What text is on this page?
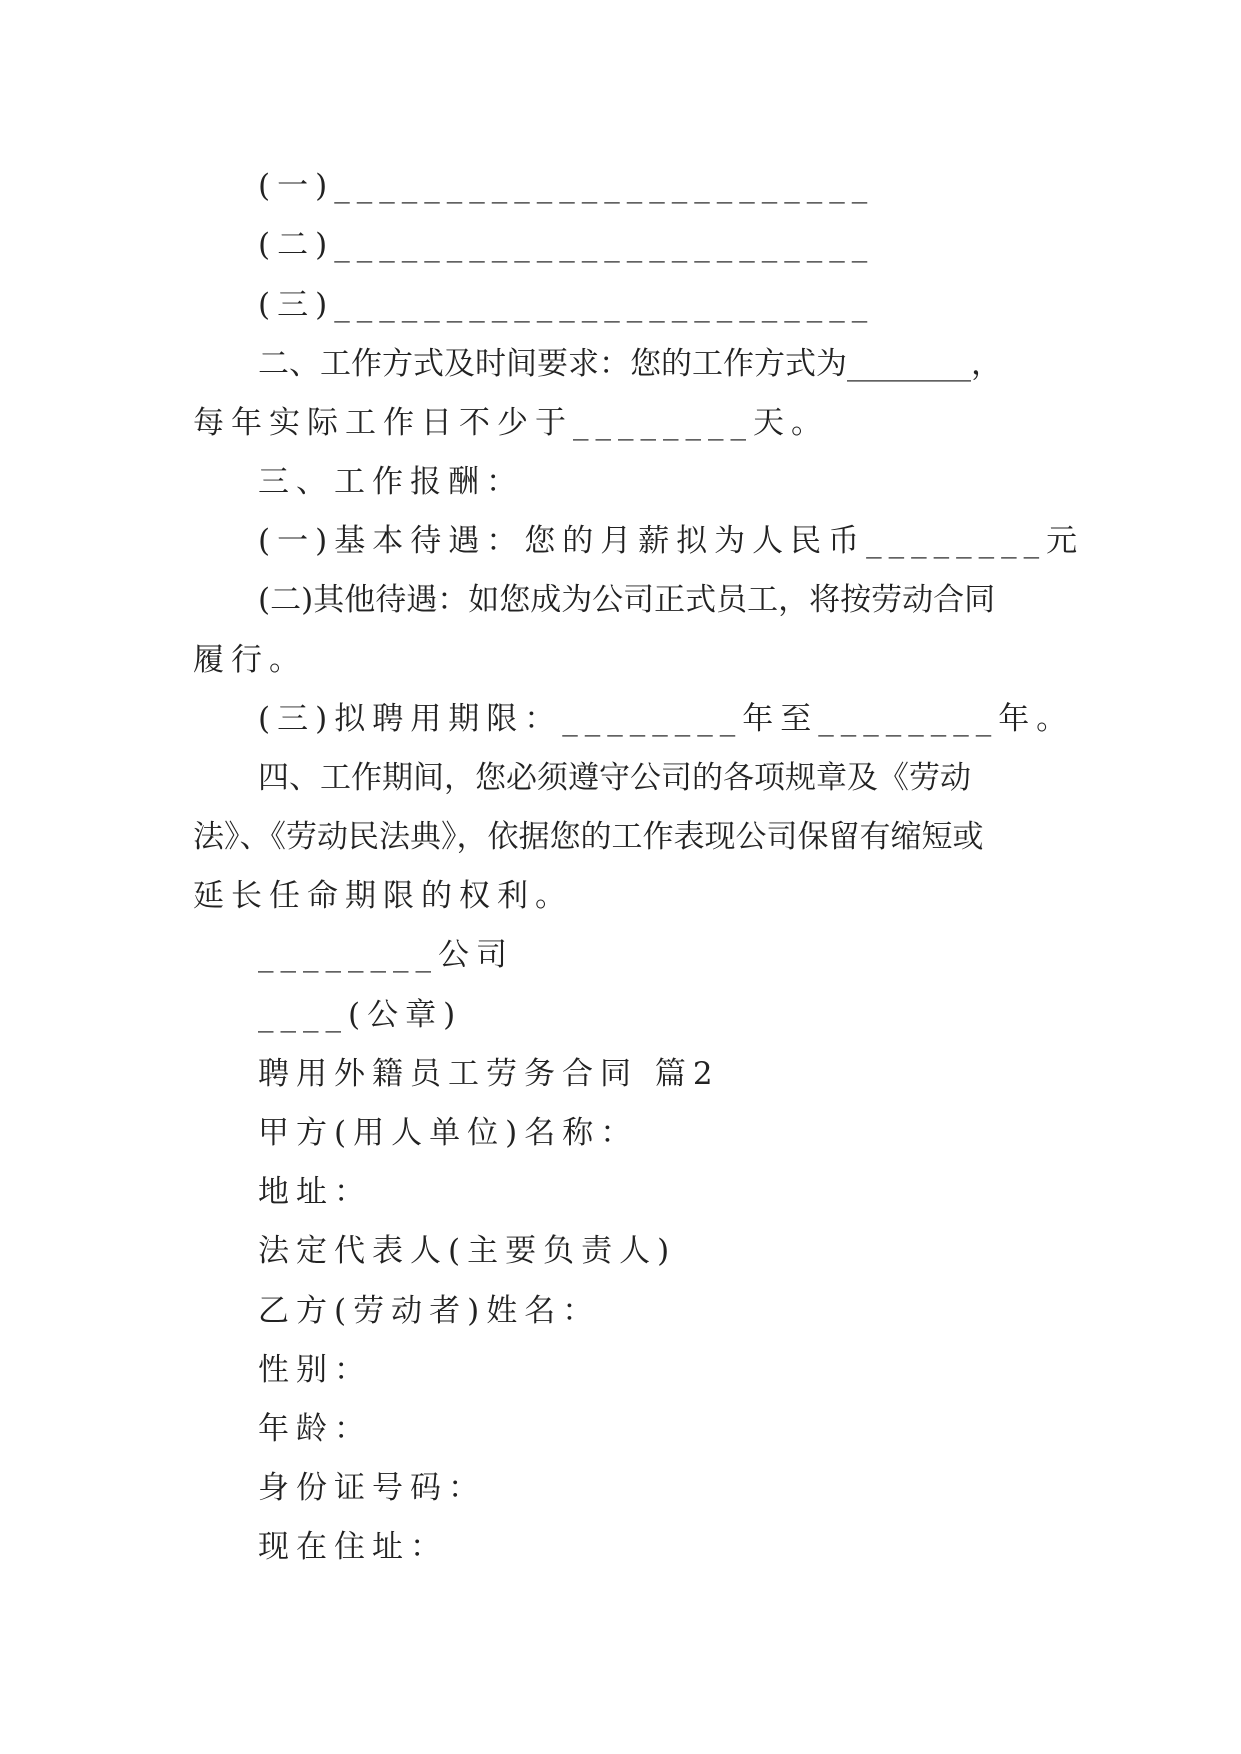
(一)________________________
(二)________________________
(三)________________________
二、工作方式及时间要求：您的工作方式为________，
每年实际工作日不少于________天。
三、工作报酬：
(一)基本待遇：您的月薪拟为人民币________元
(二)其他待遇：如您成为公司正式员工，将按劳动合同
履行。
(三)拟聘用期限：________年至________年。
四、工作期间，您必须遵守公司的各项规章及《劳动
法》、《劳动民法典》，依据您的工作表现公司保留有缩短或
延长任命期限的权利。
________公司
____(公章)
聘用外籍员工劳务合同 篇2
甲方(用人单位)名称：
地址：
法定代表人(主要负责人)
乙方(劳动者)姓名：
性别：
年龄：
身份证号码：
现在住址：
